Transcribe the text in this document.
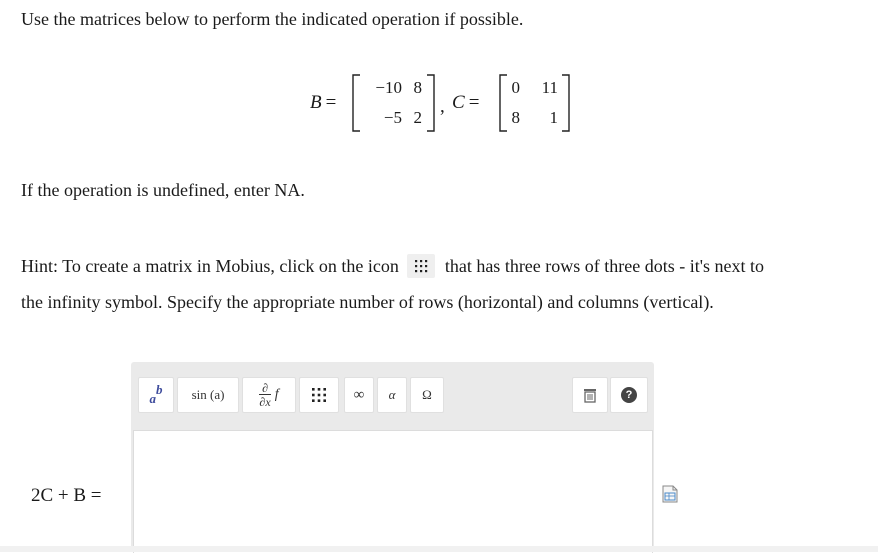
Use the matrices below to perform the indicated operation if possible.
B =
−10 8
−5 2
, C =
0	11
8	1
If the operation is undefined, enter NA.
Hint: To create a matrix in Mobius, click on the icon	that has three rows of three dots - it's next to
the infinity symbol. Specify the appropriate number of rows (horizontal) and columns (vertical).
a
b	sin (a)	∂
∂x f	∞	α	Ω	?
2C + B =
